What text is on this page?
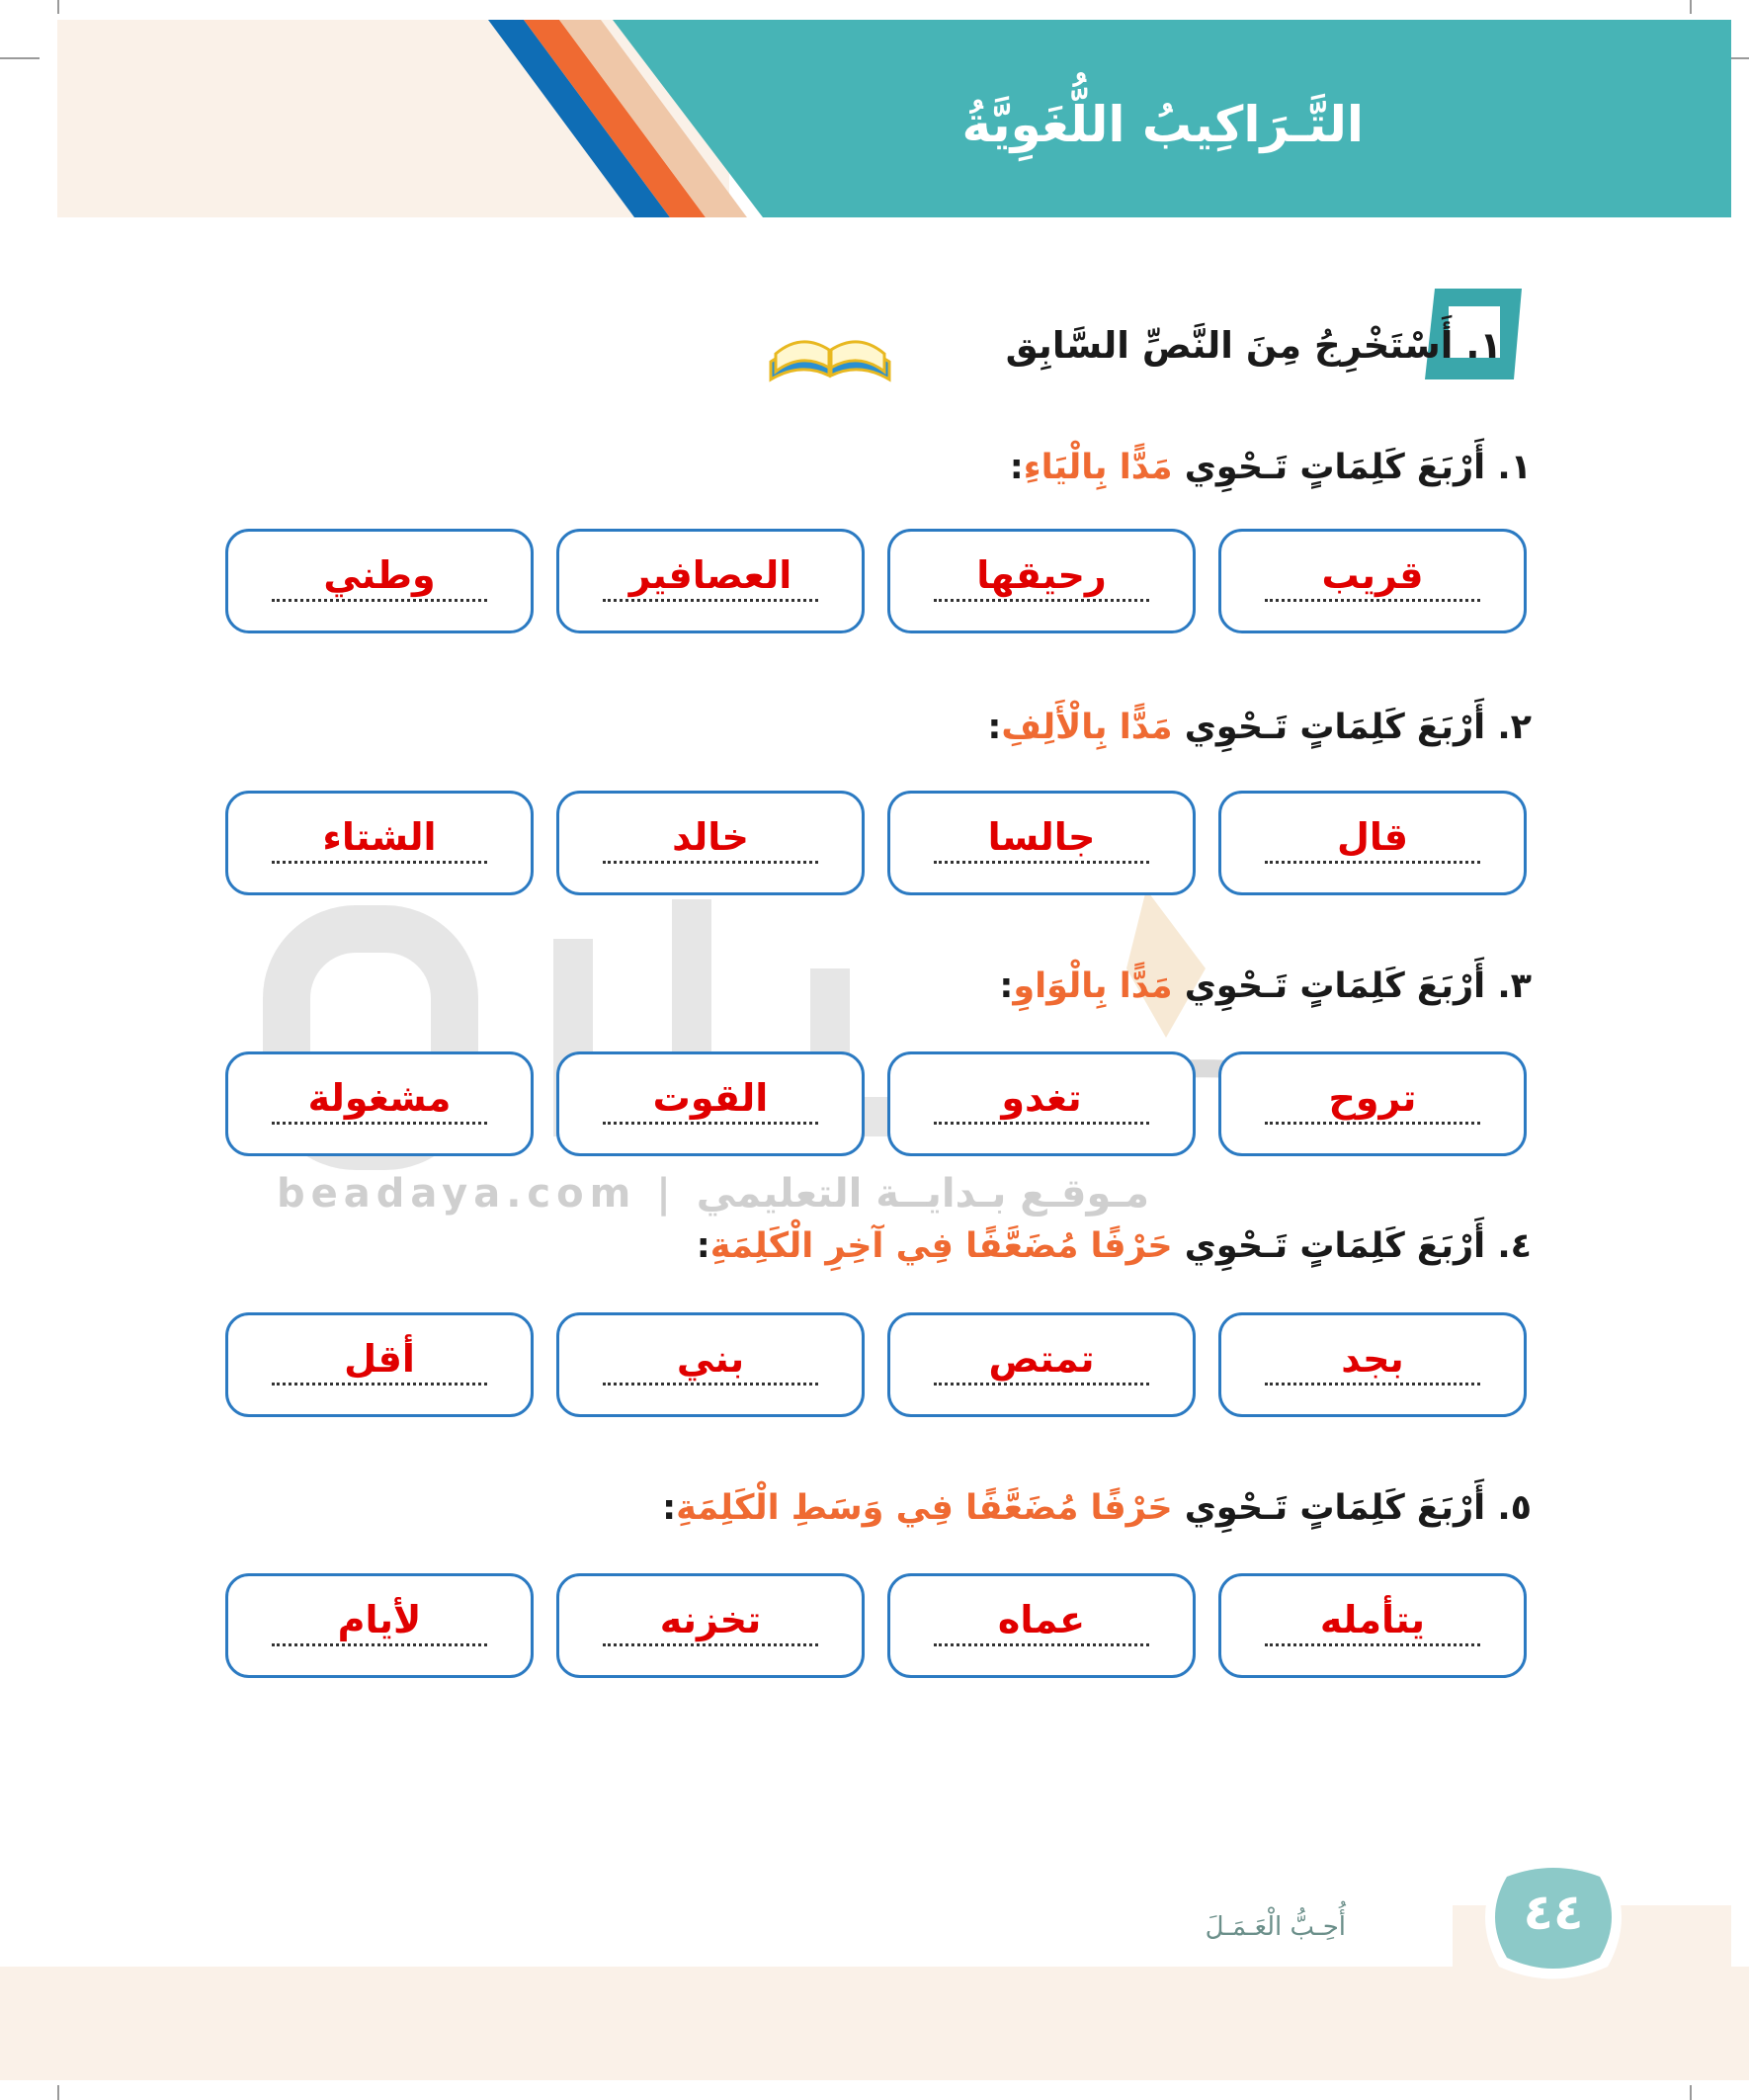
التَّـرَاكِيبُ اللُّغَوِيَّةُ
١. أَسْتَخْرِجُ مِنَ النَّصِّ السَّابِق
beadaya.com | مـوقـع بـدايــة التعليمي

١. أَرْبَعَ كَلِمَاتٍ تَـحْوِي مَدًّا بِالْيَاءِ:

قريب
رحيقها
العصافير
وطني

٢. أَرْبَعَ كَلِمَاتٍ تَـحْوِي مَدًّا بِالْأَلِفِ:

قال
جالسا
خالد
الشتاء

٣. أَرْبَعَ كَلِمَاتٍ تَـحْوِي مَدًّا بِالْوَاوِ:

تروح
تغدو
القوت
مشغولة

٤. أَرْبَعَ كَلِمَاتٍ تَـحْوِي حَرْفًا مُضَعَّفًا فِي آخِرِ الْكَلِمَةِ:

بجد
تمتص
بني
أقل

٥. أَرْبَعَ كَلِمَاتٍ تَـحْوِي حَرْفًا مُضَعَّفًا فِي وَسَطِ الْكَلِمَةِ:

يتأمله
عماه
تخزنه
لأيام

أُحِـبُّ الْعَـمَـلَ	٤٤
